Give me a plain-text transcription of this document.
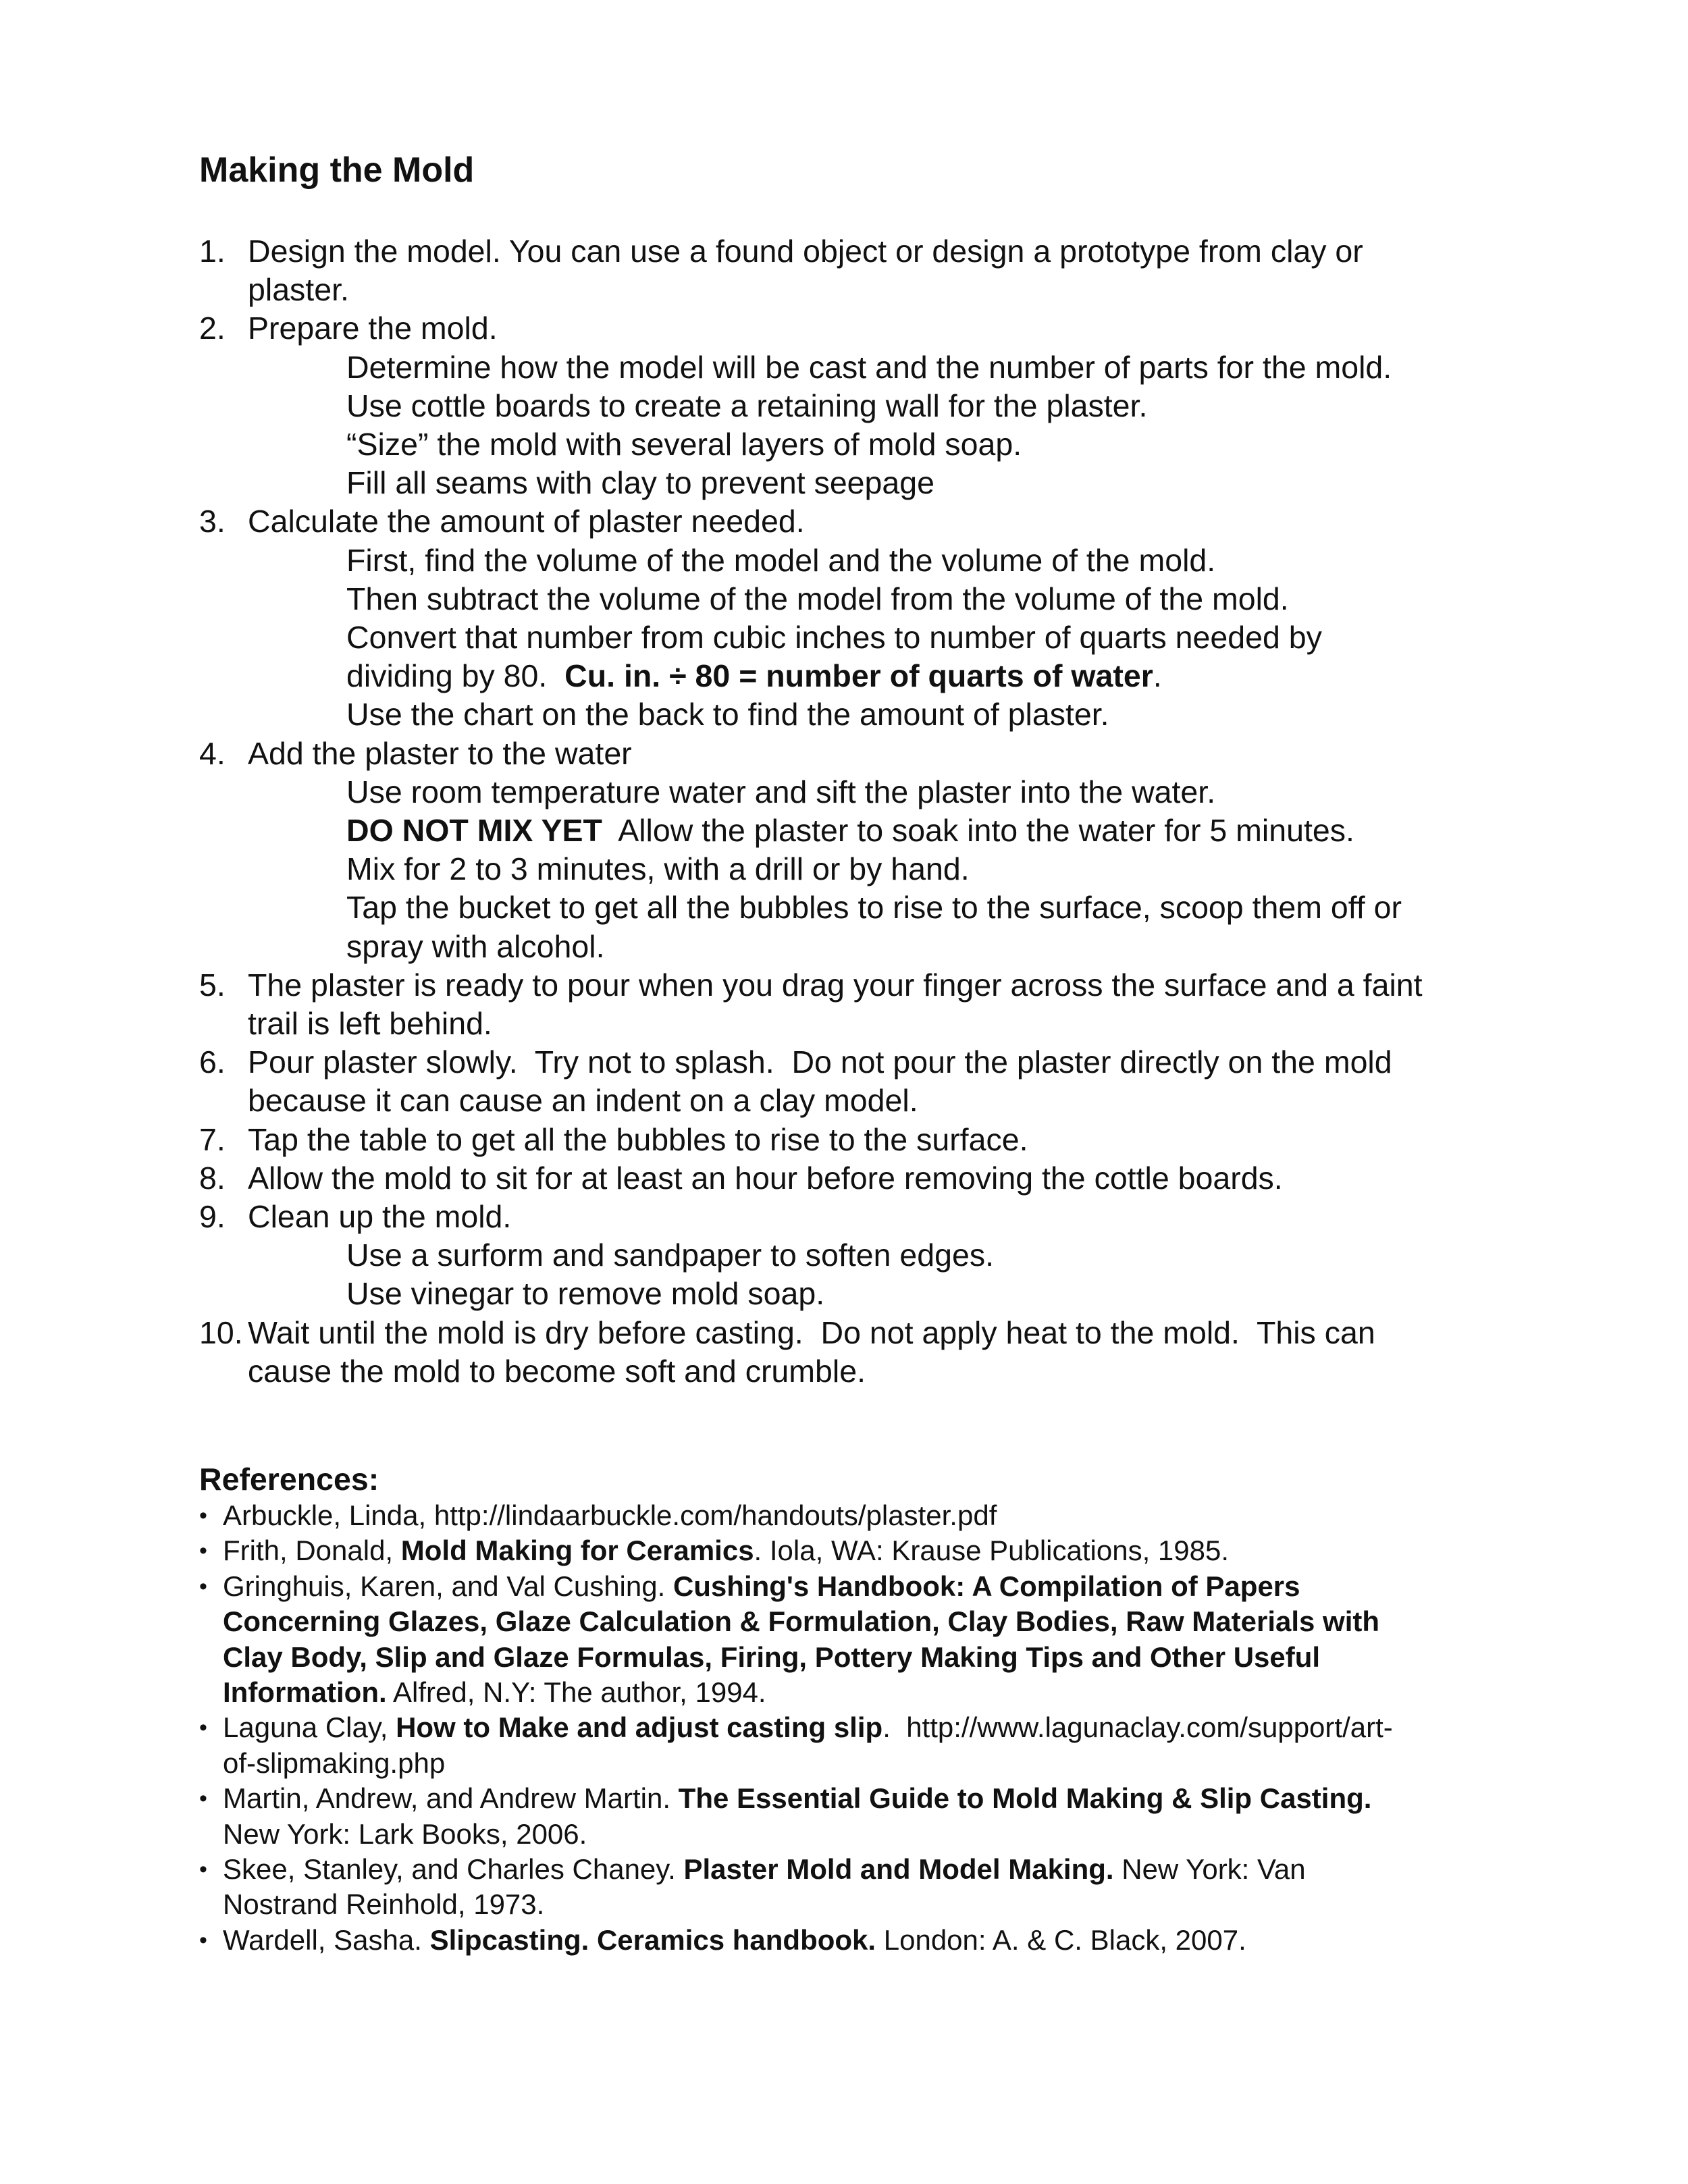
Making the Mold
1. Design the model. You can use a found object or design a prototype from clay or
plaster.
2. Prepare the mold.
Determine how the model will be cast and the number of parts for the mold.
Use cottle boards to create a retaining wall for the plaster.
“Size” the mold with several layers of mold soap.
Fill all seams with clay to prevent seepage
3. Calculate the amount of plaster needed.
First, find the volume of the model and the volume of the mold.
Then subtract the volume of the model from the volume of the mold.
Convert that number from cubic inches to number of quarts needed by
dividing by 80.  Cu. in. ÷ 80 = number of quarts of water.
Use the chart on the back to find the amount of plaster.
4. Add the plaster to the water
Use room temperature water and sift the plaster into the water.
DO NOT MIX YET  Allow the plaster to soak into the water for 5 minutes.
Mix for 2 to 3 minutes, with a drill or by hand.
Tap the bucket to get all the bubbles to rise to the surface, scoop them off or
spray with alcohol.
5. The plaster is ready to pour when you drag your finger across the surface and a faint
trail is left behind.
6. Pour plaster slowly.  Try not to splash.  Do not pour the plaster directly on the mold
because it can cause an indent on a clay model.
7. Tap the table to get all the bubbles to rise to the surface.
8. Allow the mold to sit for at least an hour before removing the cottle boards.
9. Clean up the mold.
Use a surform and sandpaper to soften edges.
Use vinegar to remove mold soap.
10. Wait until the mold is dry before casting.  Do not apply heat to the mold.  This can
cause the mold to become soft and crumble.
References:
• Arbuckle, Linda, http://lindaarbuckle.com/handouts/plaster.pdf
• Frith, Donald, Mold Making for Ceramics. Iola, WA: Krause Publications, 1985.
• Gringhuis, Karen, and Val Cushing. Cushing's Handbook: A Compilation of Papers
Concerning Glazes, Glaze Calculation & Formulation, Clay Bodies, Raw Materials with
Clay Body, Slip and Glaze Formulas, Firing, Pottery Making Tips and Other Useful
Information. Alfred, N.Y: The author, 1994.
• Laguna Clay, How to Make and adjust casting slip.  http://www.lagunaclay.com/support/art-
of-slipmaking.php
• Martin, Andrew, and Andrew Martin. The Essential Guide to Mold Making & Slip Casting.
New York: Lark Books, 2006.
• Skee, Stanley, and Charles Chaney. Plaster Mold and Model Making. New York: Van
Nostrand Reinhold, 1973.
• Wardell, Sasha. Slipcasting. Ceramics handbook. London: A. & C. Black, 2007.
